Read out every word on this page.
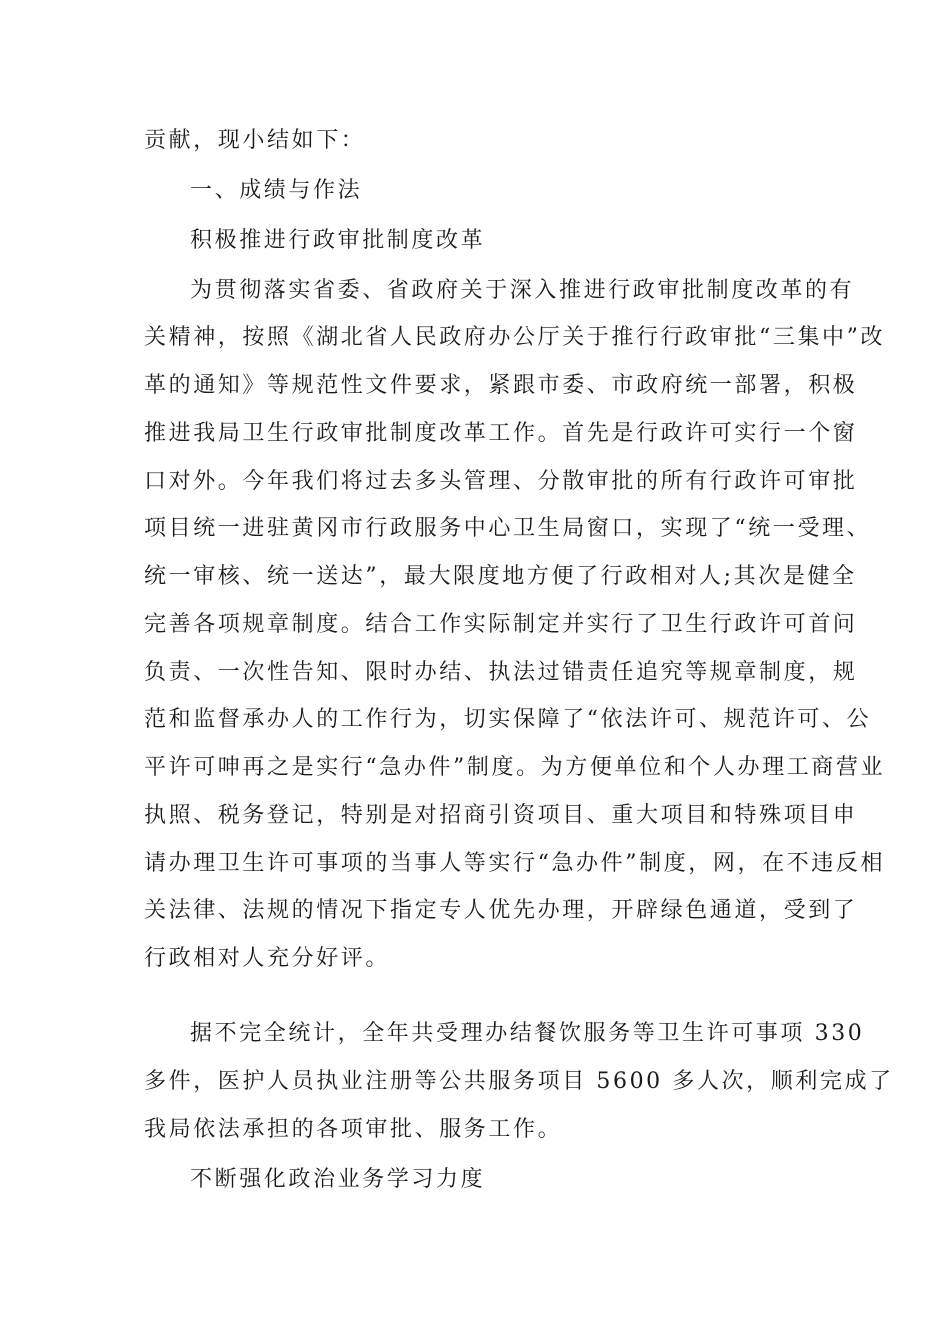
贡献，现小结如下：
一、成绩与作法
积极推进行政审批制度改革
为贯彻落实省委、省政府关于深入推进行政审批制度改革的有
关精神，按照《湖北省人民政府办公厅关于推行行政审批“三集中”改
革的通知》等规范性文件要求，紧跟市委、市政府统一部署，积极
推进我局卫生行政审批制度改革工作。首先是行政许可实行一个窗
口对外。今年我们将过去多头管理、分散审批的所有行政许可审批
项目统一进驻黄冈市行政服务中心卫生局窗口，实现了“统一受理、
统一审核、统一送达”，最大限度地方便了行政相对人;其次是健全
完善各项规章制度。结合工作实际制定并实行了卫生行政许可首问
负责、一次性告知、限时办结、执法过错责任追究等规章制度，规
范和监督承办人的工作行为，切实保障了“依法许可、规范许可、公
平许可呻再之是实行“急办件”制度。为方便单位和个人办理工商营业
执照、税务登记，特别是对招商引资项目、重大项目和特殊项目申
请办理卫生许可事项的当事人等实行“急办件”制度，网，在不违反相
关法律、法规的情况下指定专人优先办理，开辟绿色通道，受到了
行政相对人充分好评。
据不完全统计，全年共受理办结餐饮服务等卫生许可事项 330
多件，医护人员执业注册等公共服务项目 5600 多人次，顺利完成了
我局依法承担的各项审批、服务工作。
不断强化政治业务学习力度
